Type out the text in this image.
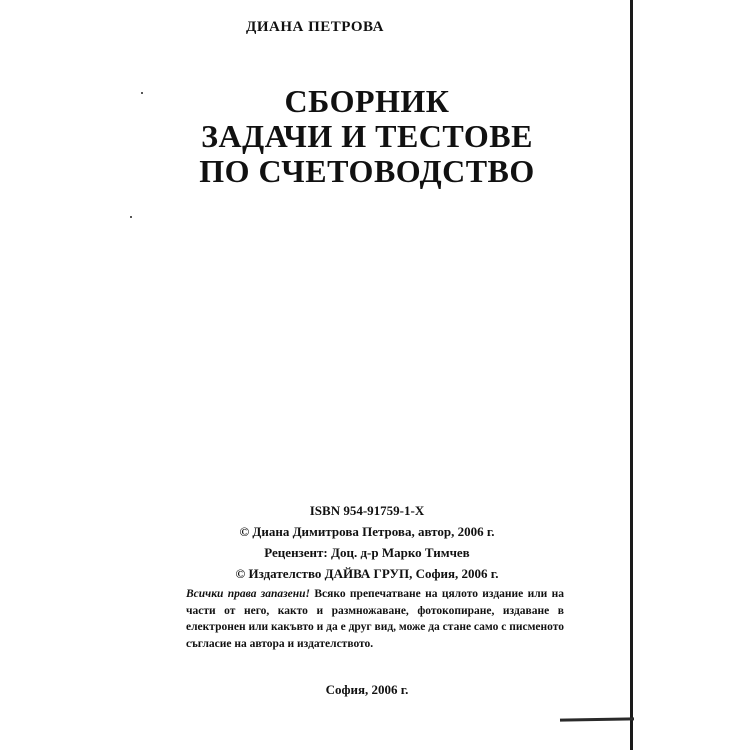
ДИАНА ПЕТРОВА
СБОРНИК
ЗАДАЧИ И ТЕСТОВЕ
ПО СЧЕТОВОДСТВО
ISBN 954-91759-1-X
© Диана Димитрова Петрова, автор, 2006 г.
Рецензент: Доц. д-р Марко Тимчев
© Издателство ДАЙВА ГРУП, София, 2006 г.
Всички права запазени! Всяко препечатване на цялото издание или на части от него, както и размножаване, фотокопиране, издаване в електронен или какъвто и да е друг вид, може да стане само с писменото съгласие на автора и издателството.
София, 2006 г.
